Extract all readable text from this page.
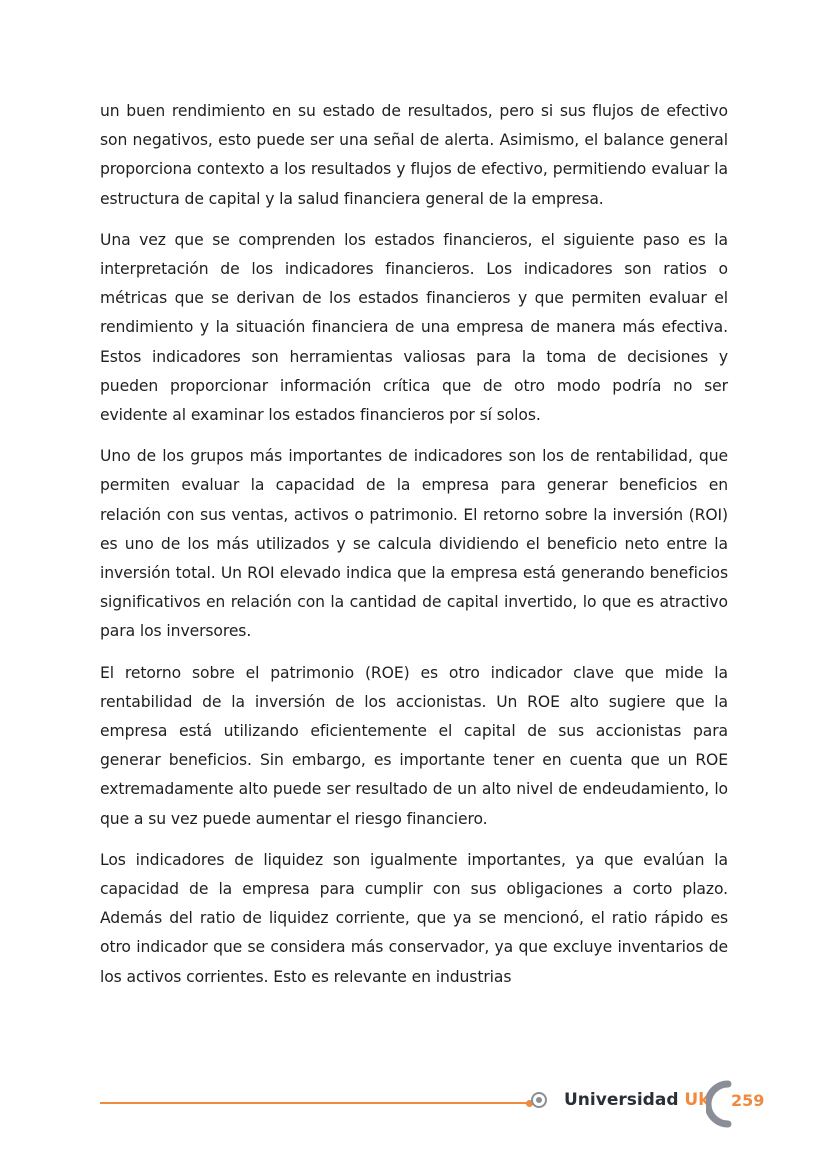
un buen rendimiento en su estado de resultados, pero si sus flujos de efectivo son negativos, esto puede ser una señal de alerta. Asimismo, el balance general proporciona contexto a los resultados y flujos de efectivo, permitiendo evaluar la estructura de capital y la salud financiera general de la empresa.

Una vez que se comprenden los estados financieros, el siguiente paso es la interpretación de los indicadores financieros. Los indicadores son ratios o métricas que se derivan de los estados financieros y que permiten evaluar el rendimiento y la situación financiera de una empresa de manera más efectiva. Estos indicadores son herramientas valiosas para la toma de decisiones y pueden proporcionar información crítica que de otro modo podría no ser evidente al examinar los estados financieros por sí solos.

Uno de los grupos más importantes de indicadores son los de rentabilidad, que permiten evaluar la capacidad de la empresa para generar beneficios en relación con sus ventas, activos o patrimonio. El retorno sobre la inversión (ROI) es uno de los más utilizados y se calcula dividiendo el beneficio neto entre la inversión total. Un ROI elevado indica que la empresa está generando beneficios significativos en relación con la cantidad de capital invertido, lo que es atractivo para los inversores.

El retorno sobre el patrimonio (ROE) es otro indicador clave que mide la rentabilidad de la inversión de los accionistas. Un ROE alto sugiere que la empresa está utilizando eficientemente el capital de sus accionistas para generar beneficios. Sin embargo, es importante tener en cuenta que un ROE extremadamente alto puede ser resultado de un alto nivel de endeudamiento, lo que a su vez puede aumentar el riesgo financiero.

Los indicadores de liquidez son igualmente importantes, ya que evalúan la capacidad de la empresa para cumplir con sus obligaciones a corto plazo. Además del ratio de liquidez corriente, que ya se mencionó, el ratio rápido es otro indicador que se considera más conservador, ya que excluye inventarios de los activos corrientes. Esto es relevante en industrias

Universidad Uk 259
